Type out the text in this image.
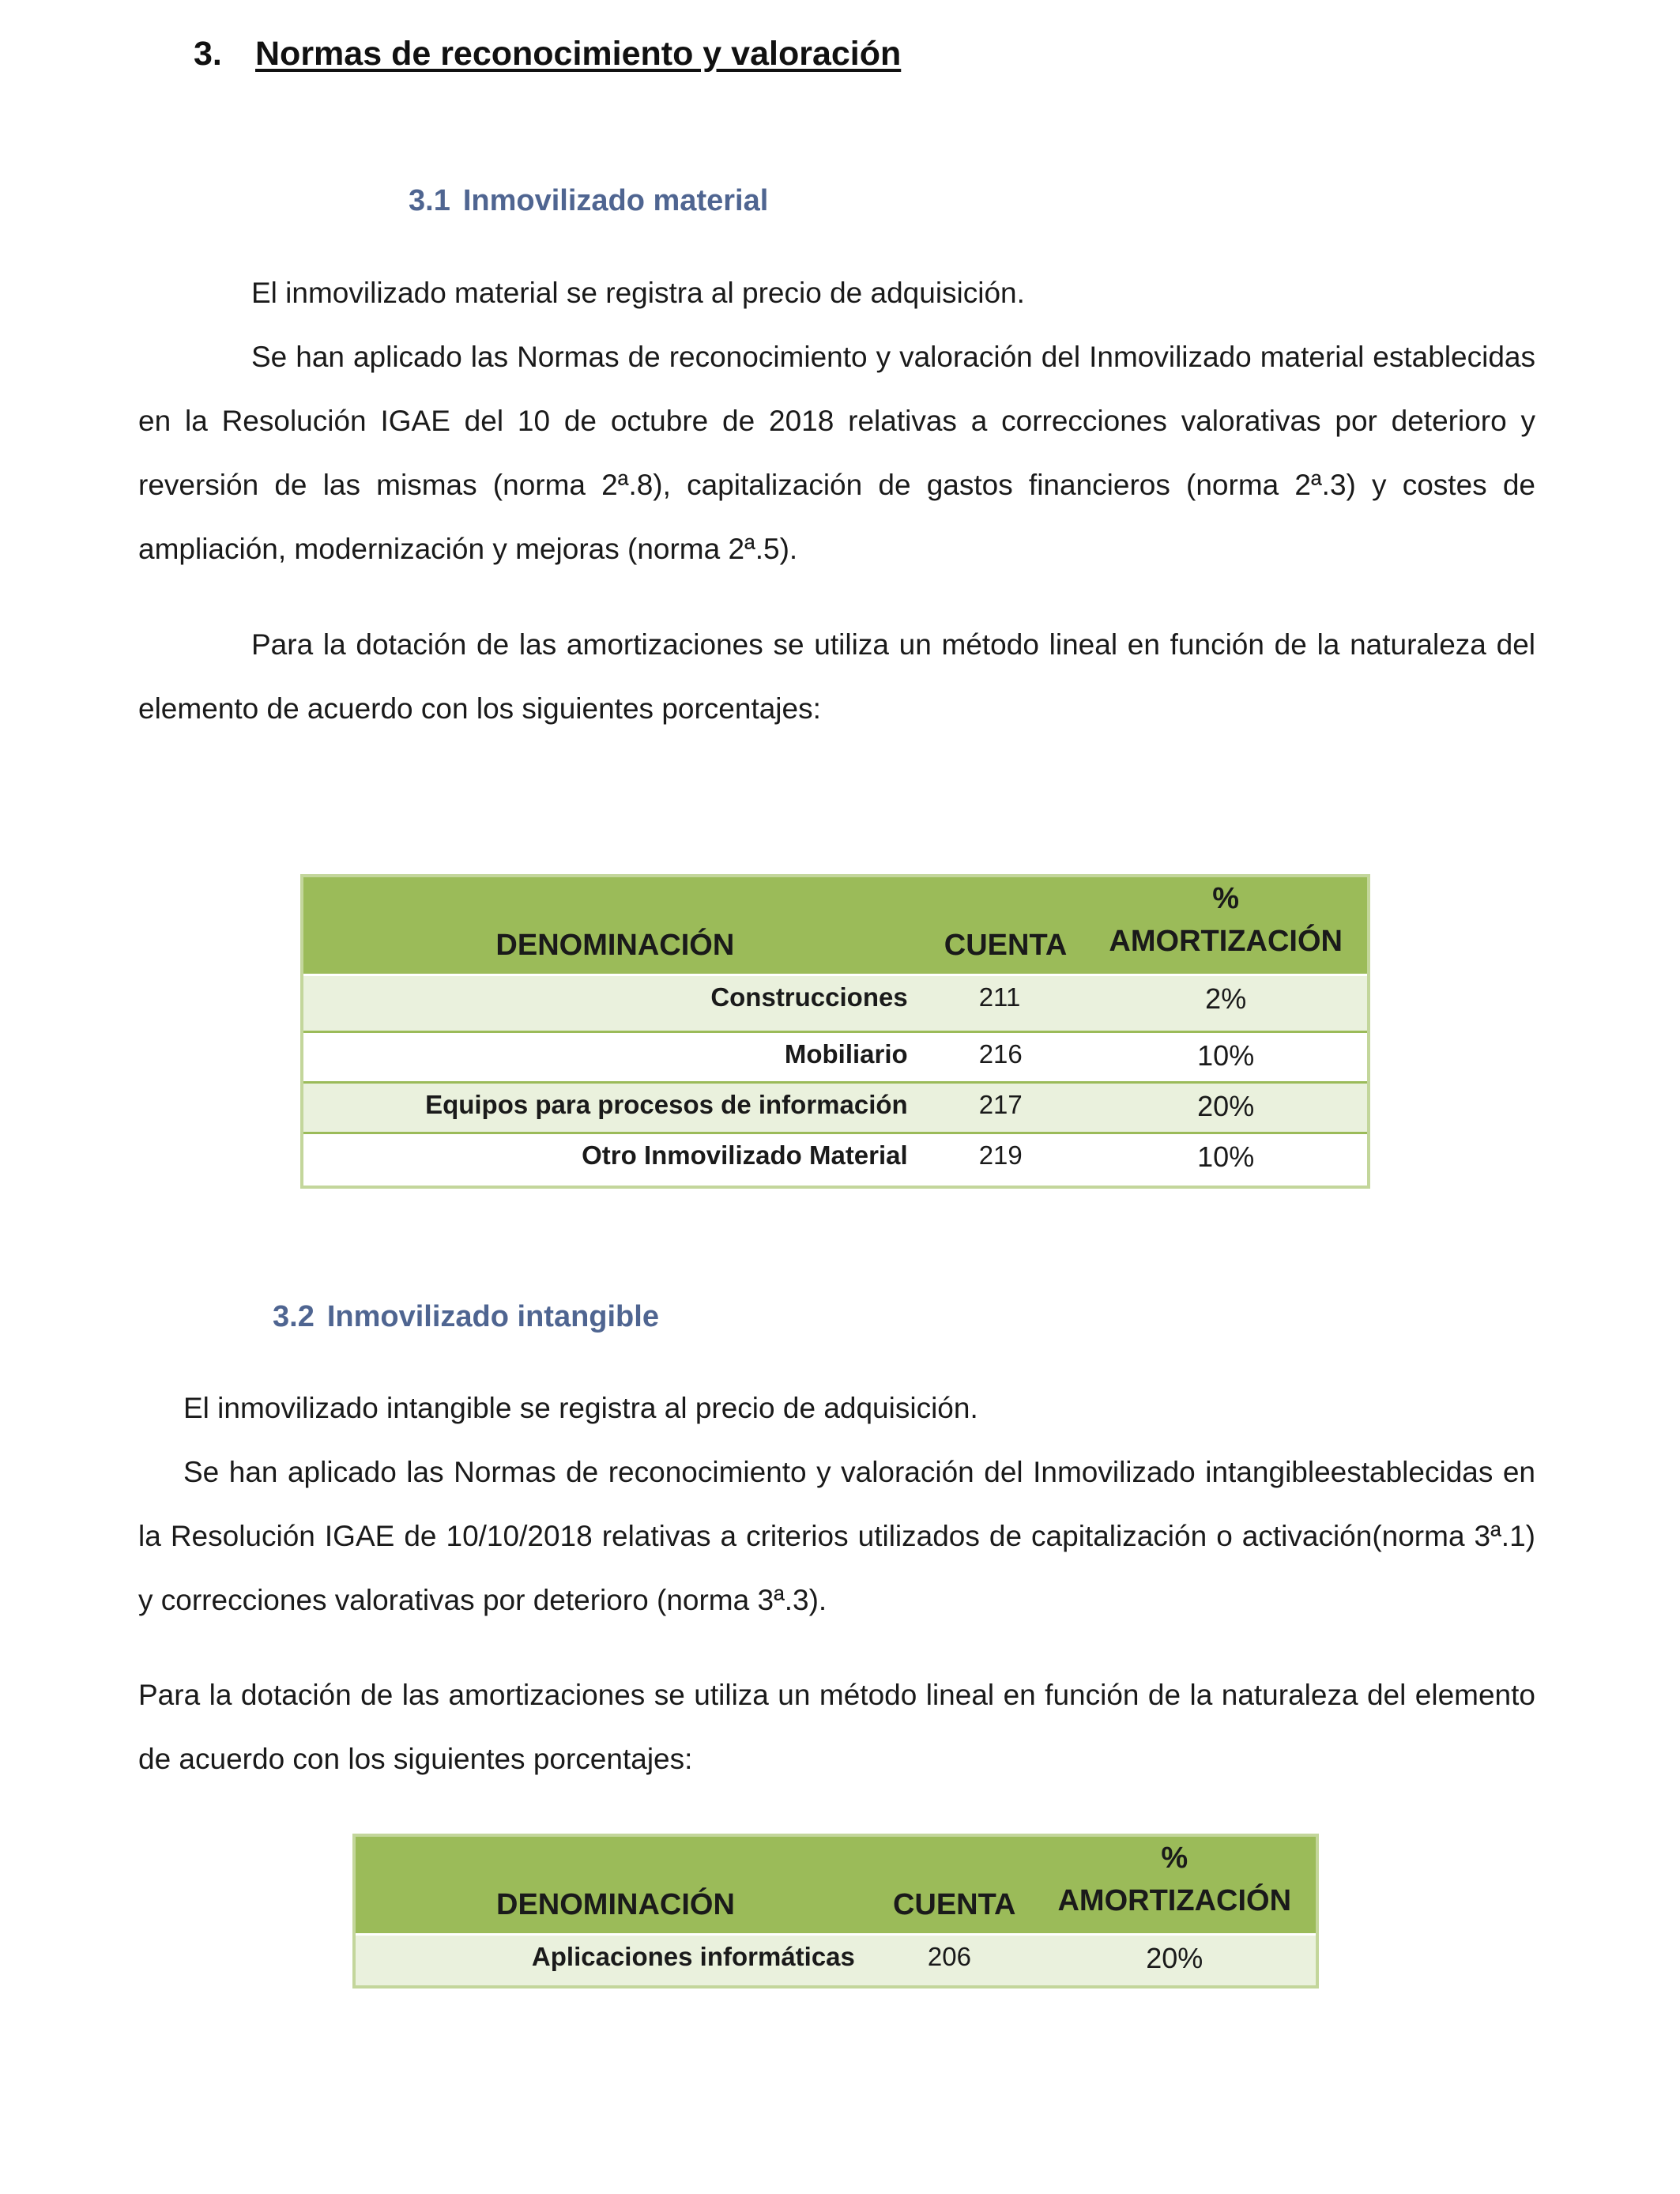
3. Normas de reconocimiento y valoración
3.1 Inmovilizado material
El inmovilizado material se registra al precio de adquisición.
Se han aplicado las Normas de reconocimiento y valoración del Inmovilizado material establecidas en la Resolución IGAE del 10 de octubre de 2018 relativas a correcciones valorativas por deterioro y reversión de las mismas (norma 2ª.8), capitalización de gastos financieros (norma 2ª.3) y costes de ampliación, modernización y mejoras (norma 2ª.5).
Para la dotación de las amortizaciones se utiliza un método lineal en función de la naturaleza del elemento de acuerdo con los siguientes porcentajes:
DENOMINACIÓN	CUENTA	%
AMORTIZACIÓN

Construcciones	211	2%
Mobiliario	216	10%
Equipos para procesos de información	217	20%
Otro Inmovilizado Material	219	10%
3.2 Inmovilizado intangible
El inmovilizado intangible se registra al precio de adquisición.
Se han aplicado las Normas de reconocimiento y valoración del Inmovilizado intangibleestablecidas en la Resolución IGAE de 10/10/2018 relativas a criterios utilizados de capitalización o activación(norma 3ª.1) y correcciones valorativas por deterioro (norma 3ª.3).
Para la dotación de las amortizaciones se utiliza un método lineal en función de la naturaleza del elemento de acuerdo con los siguientes porcentajes:
DENOMINACIÓN	CUENTA	%
AMORTIZACIÓN

Aplicaciones informáticas	206	20%
